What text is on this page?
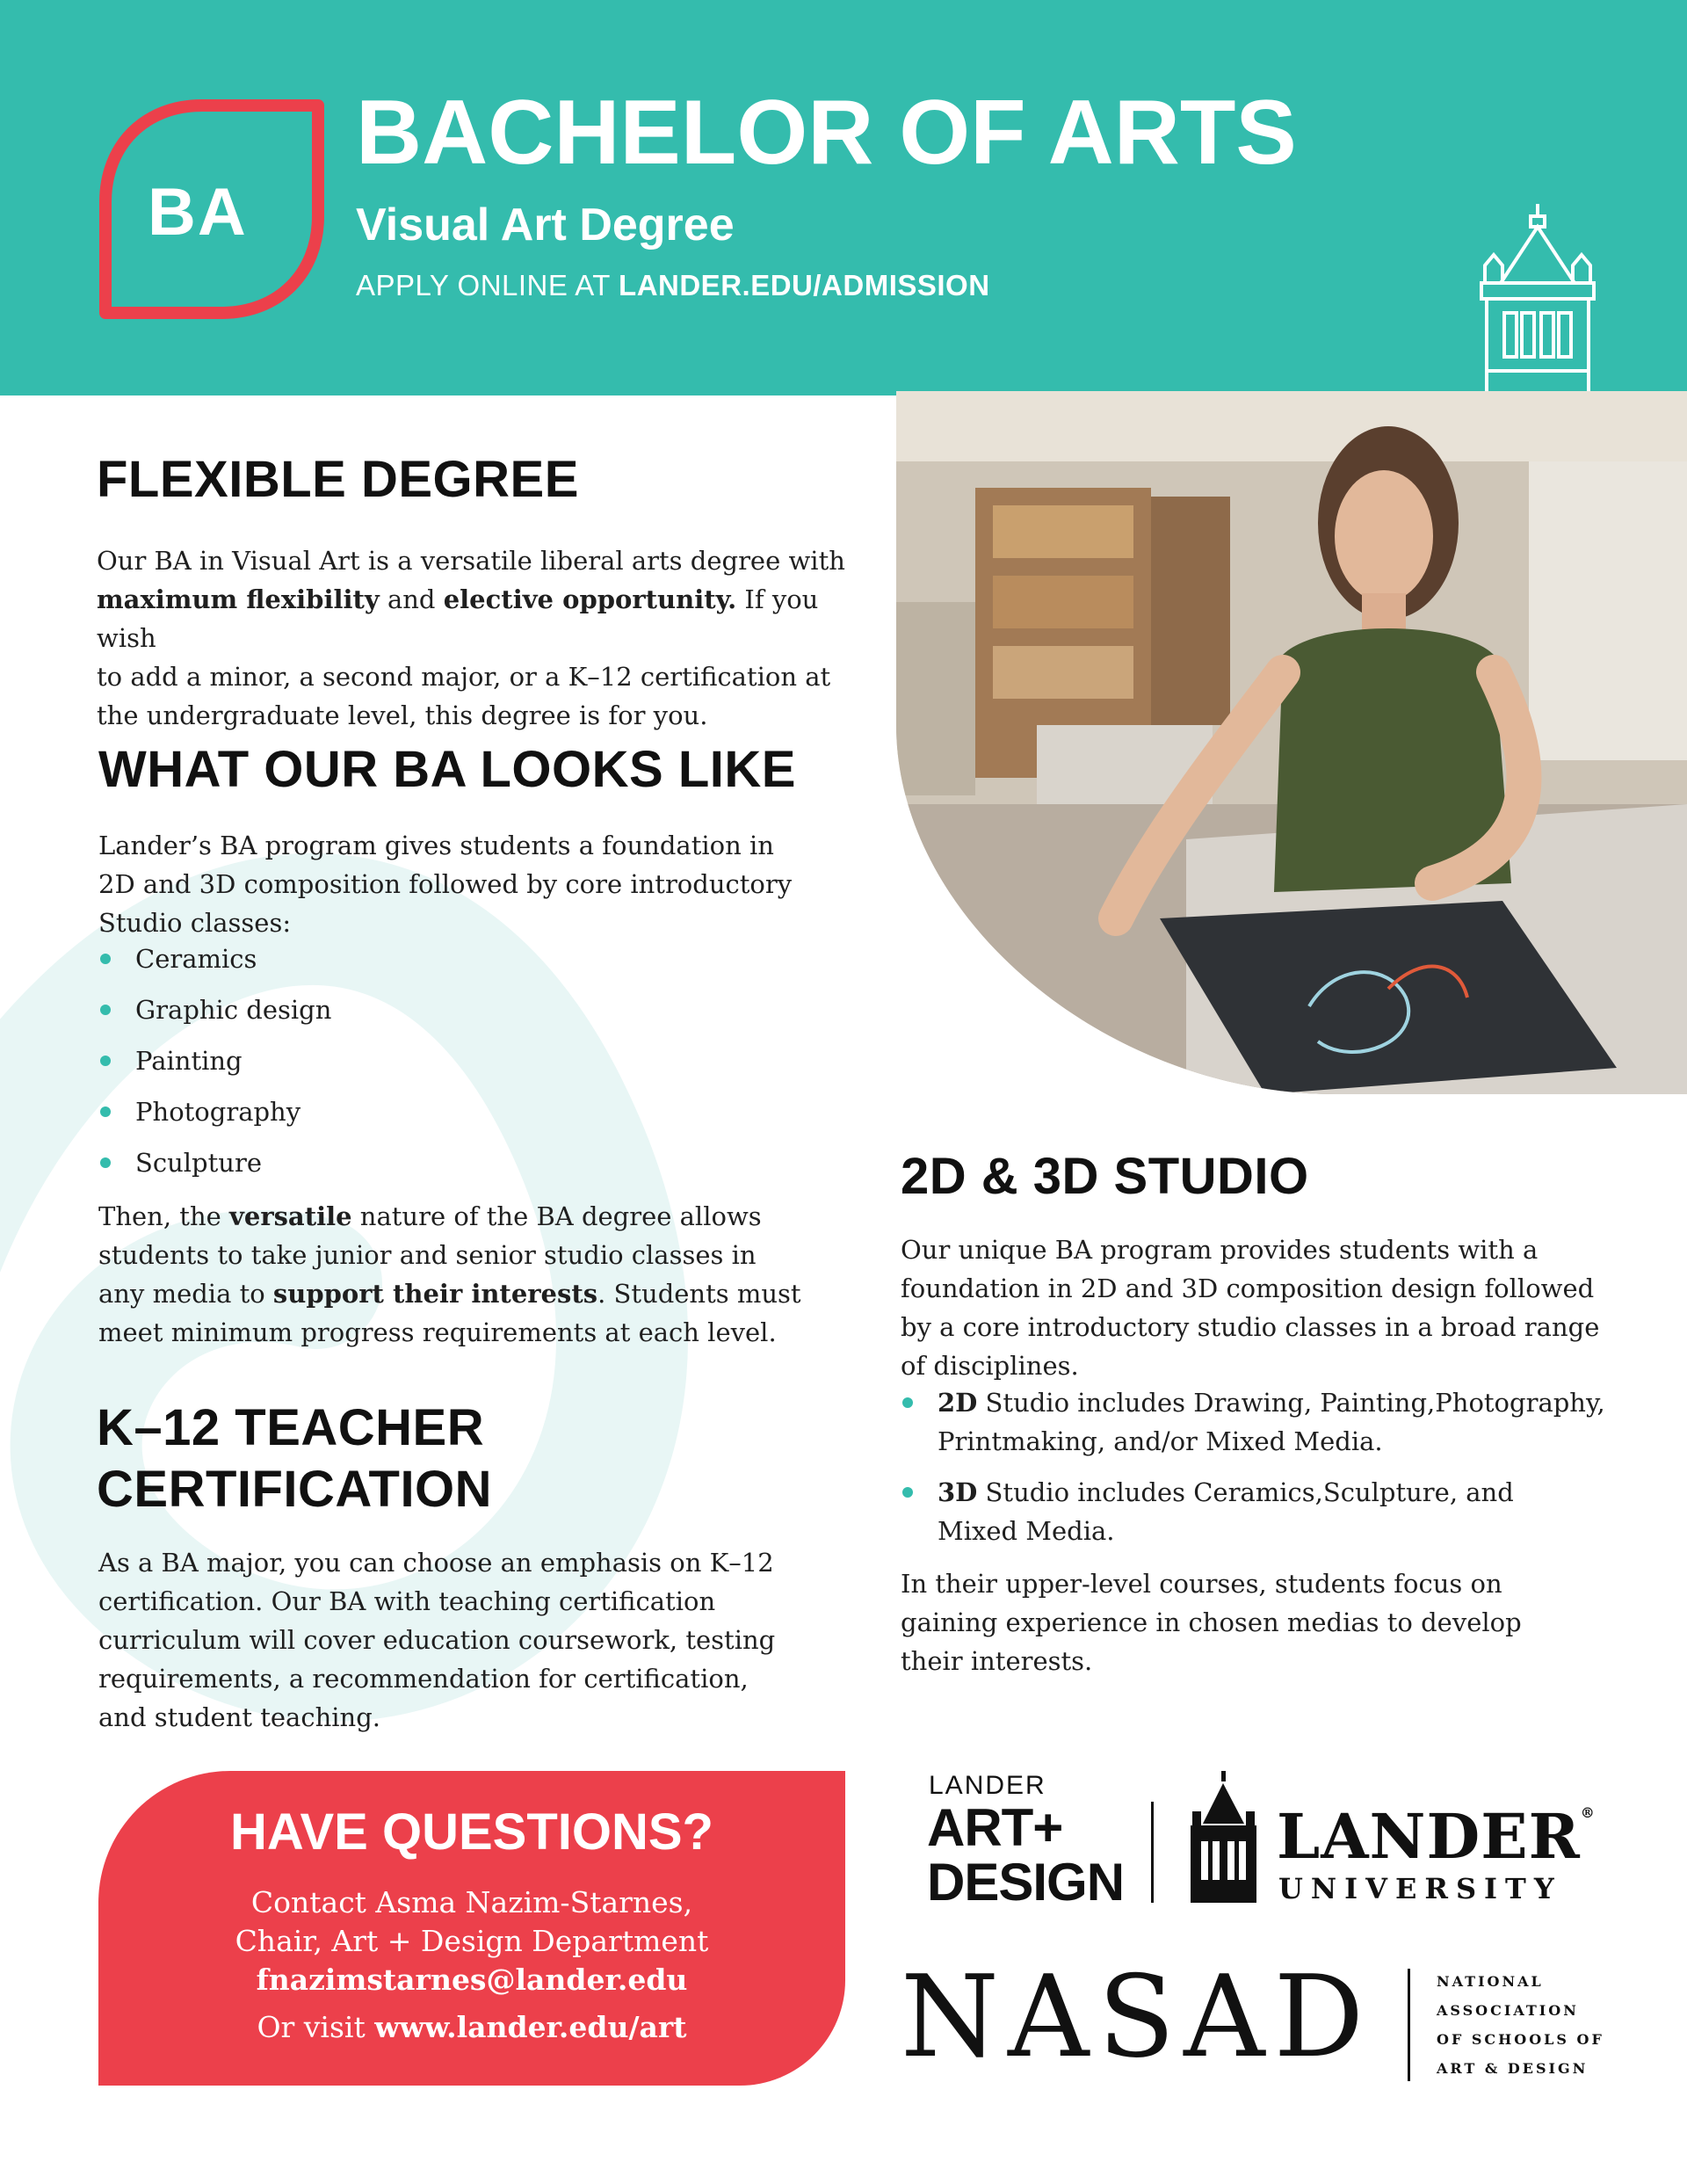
BA
BACHELOR OF ARTS
Visual Art Degree
APPLY ONLINE AT LANDER.EDU/ADMISSION
FLEXIBLE DEGREE
Our BA in Visual Art is a versatile liberal arts degree with
maximum flexibility and elective opportunity. If you wish
to add a minor, a second major, or a K–12 certification at
the undergraduate level, this degree is for you.
WHAT OUR BA LOOKS LIKE
Lander’s BA program gives students a foundation in
2D and 3D composition followed by core introductory
Studio classes:
Ceramics
Graphic design
Painting
Photography
Sculpture
Then, the versatile nature of the BA degree allows
students to take junior and senior studio classes in
any media to support their interests. Students must
meet minimum progress requirements at each level.
K–12 TEACHER
CERTIFICATION
As a BA major, you can choose an emphasis on K–12
certification. Our BA with teaching certification
curriculum will cover education coursework, testing
requirements, a recommendation for certification,
and student teaching.
2D & 3D STUDIO
Our unique BA program provides students with a
foundation in 2D and 3D composition design followed
by a core introductory studio classes in a broad range
of disciplines.
2D Studio includes Drawing, Painting,Photography,
Printmaking, and/or Mixed Media.
3D Studio includes Ceramics,Sculpture, and
Mixed Media.
In their upper-level courses, students focus on
gaining experience in chosen medias to develop
their interests.
HAVE QUESTIONS?
Contact Asma Nazim-Starnes,
Chair, Art + Design Department
fnazimstarnes@lander.edu
Or visit www.lander.edu/art
LANDER
ART+
DESIGN
LANDER®
UNIVERSITY
NASAD	NATIONAL
ASSOCIATION
OF SCHOOLS OF
ART & DESIGN
